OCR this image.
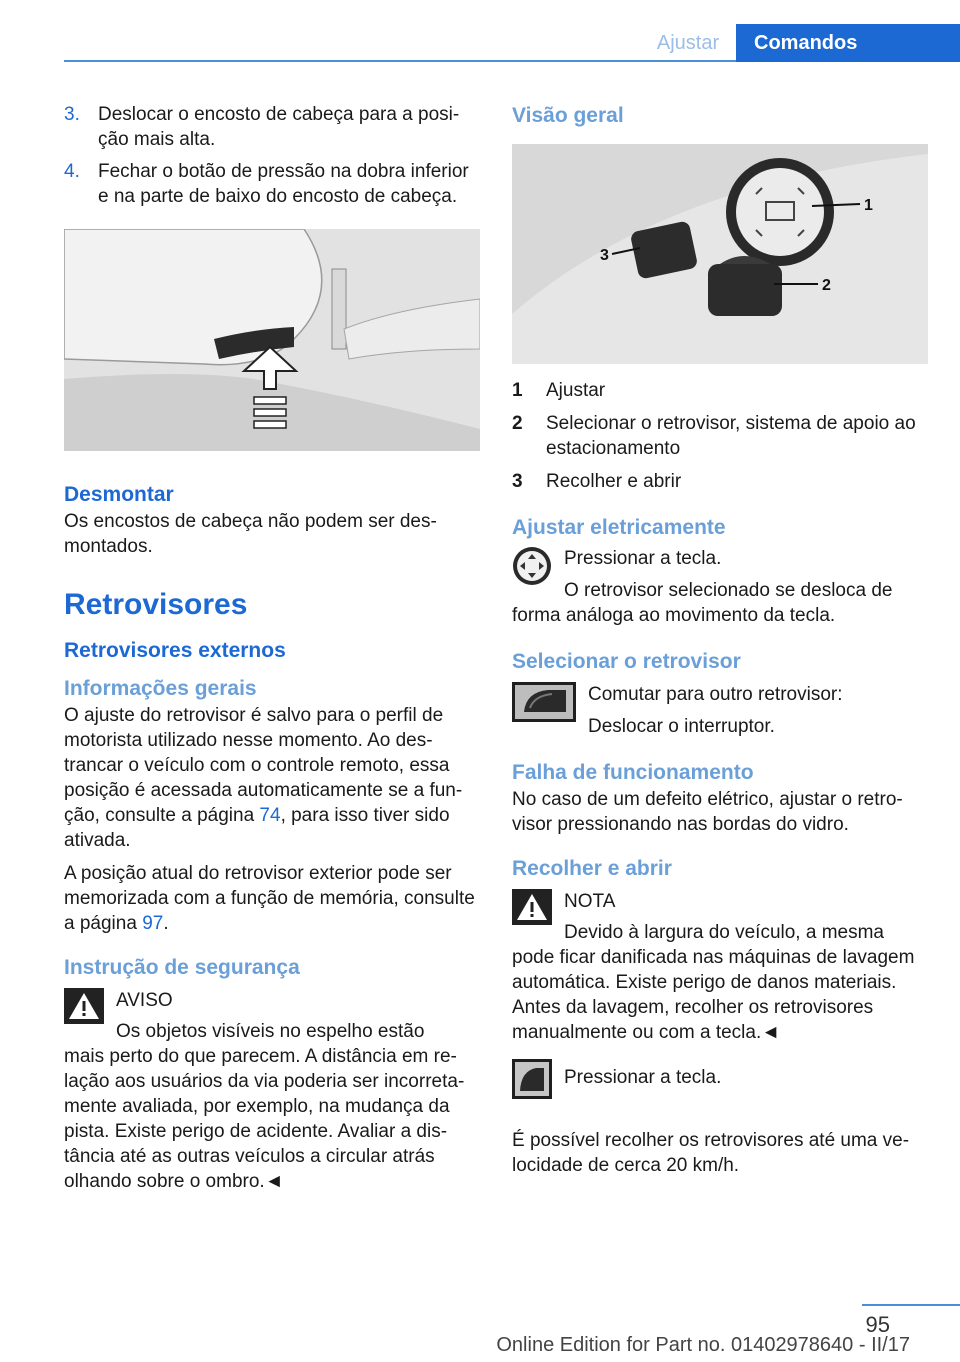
Ajustar	Comandos
3. Deslocar o encosto de cabeça para a posição mais alta.
4. Fechar o botão de pressão na dobra inferior e na parte de baixo do encosto de cabeça.
Desmontar

Os encostos de cabeça não podem ser desmontados.

Retrovisores
Retrovisores externos
Informações gerais

O ajuste do retrovisor é salvo para o perfil de motorista utilizado nesse momento. Ao destrancar o veículo com o controle remoto, essa posição é acessada automaticamente se a função, consulte a página 74, para isso tiver sido ativada.

A posição atual do retrovisor exterior pode ser memorizada com a função de memória, consulte a página 97.

Instrução de segurança
AVISO
Os objetos visíveis no espelho estão

mais perto do que parecem. A distância em relação aos usuários da via poderia ser incorretamente avaliada, por exemplo, na mudança da pista. Existe perigo de acidente. Avaliar a distância até as outras veículos a circular atrás olhando sobre o ombro.◄

Visão geral
1
2
3
1	Ajustar
2	Selecionar o retrovisor, sistema de apoio ao estacionamento
3	Recolher e abrir
Ajustar eletricamente
Pressionar a tecla.
O retrovisor selecionado se desloca de

forma análoga ao movimento da tecla.

Selecionar o retrovisor
Comutar para outro retrovisor:
Deslocar o interruptor.
Falha de funcionamento

No caso de um defeito elétrico, ajustar o retrovisor pressionando nas bordas do vidro.

Recolher e abrir
NOTA
Devido à largura do veículo, a mesma

pode ficar danificada nas máquinas de lavagem automática. Existe perigo de danos materiais. Antes da lavagem, recolher os retrovisores manualmente ou com a tecla.◄

Pressionar a tecla.

É possível recolher os retrovisores até uma velocidade de cerca 20 km/h.

95
Online Edition for Part no. 01402978640 - II/17
